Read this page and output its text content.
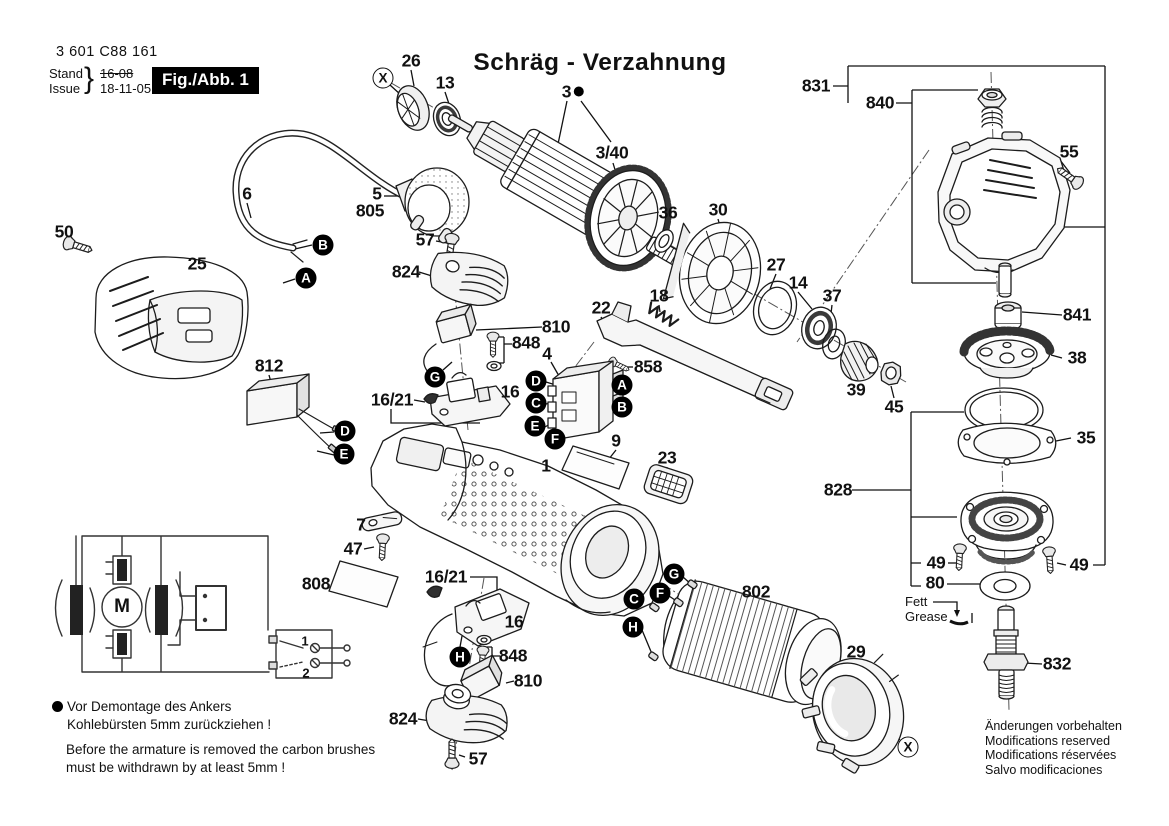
3 601 C88 161
Stand
Issue } 16-08
18-11-05 Fig./Abb. 1
Schräg - Verzahnung
Vor Demontage des Ankers
Kohlebürsten 5mm zurückziehen !
Before the armature is removed the carbon brushes
must be withdrawn by at least 5mm !
Änderungen vorbehalten
Modifications reserved
Modifications réservées
Salvo modificaciones
Fett
Grease
M
1
2
26
13	3
3/40
831
840
55
5
805
6
57
824
810
848
50
25
36 30
27
14
37
18
22	841
38
39
45
35
4
858
812
16/21	16
9
23
1
828
7
47
49	49
80
808	16/21
16
848
810
802
29
824
57
832
X
B
A
D
E
G	D
C
E
F
A
B
G
F
C
H
H
X
